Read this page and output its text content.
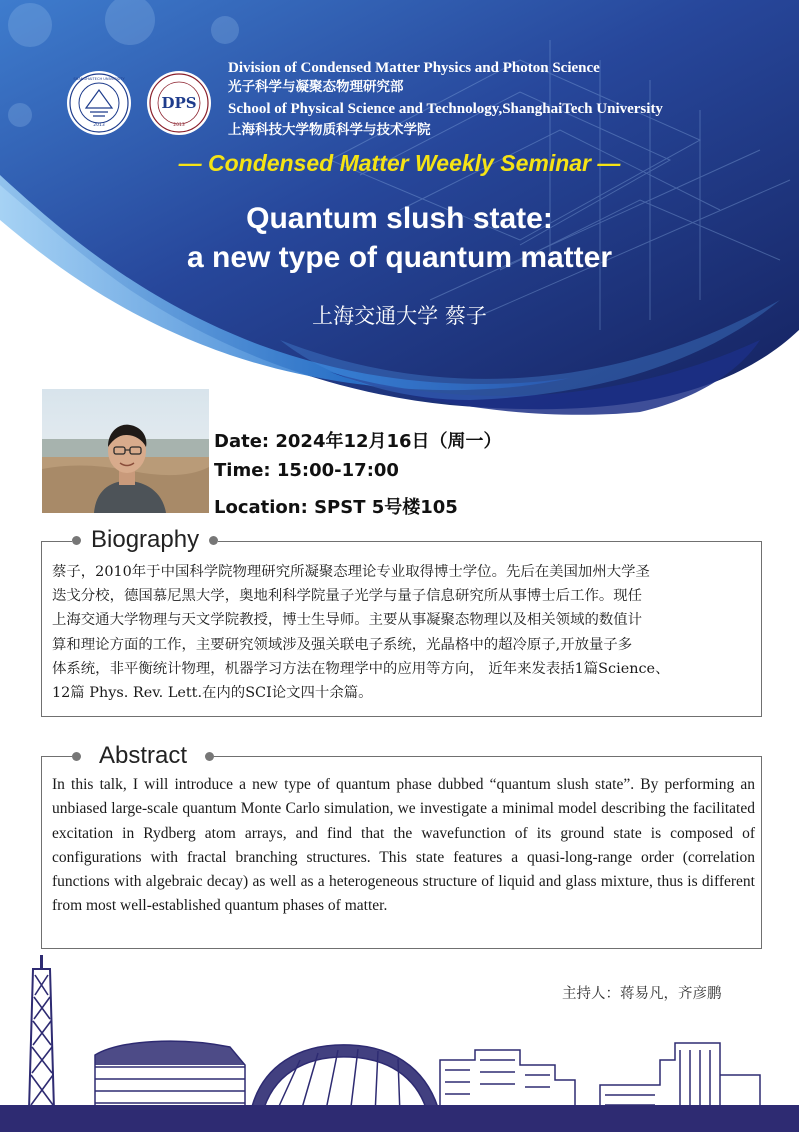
2013
SHANGHAITECH UNIVERSITY
DPS
2013
Division of Condensed Matter Physics and Photon Science
光子科学与凝聚态物理研究部
School of Physical Science and Technology,ShanghaiTech University
上海科技大学物质科学与技术学院
— Condensed Matter Weekly Seminar —
Quantum slush state:
a new type of quantum matter
上海交通大学 蔡子
Date: 2024年12月16日（周一）
Time: 15:00-17:00
Location: SPST 5号楼105
Biography
蔡子，2010年于中国科学院物理研究所凝聚态理论专业取得博士学位。先后在美国加州大学圣
迭戈分校，德国慕尼黑大学，奥地利科学院量子光学与量子信息研究所从事博士后工作。现任
上海交通大学物理与天文学院教授，博士生导师。主要从事凝聚态物理以及相关领域的数值计
算和理论方面的工作，主要研究领域涉及强关联电子系统，光晶格中的超冷原子,开放量子多
体系统，非平衡统计物理，机器学习方法在物理学中的应用等方向， 近年来发表括1篇Science、
12篇 Phys. Rev. Lett.在内的SCI论文四十余篇。
Abstract
In this talk, I will introduce a new type of quantum phase dubbed “quantum slush state”. By performing an unbiased large-scale quantum Monte Carlo simulation, we investigate a minimal model describing the facilitated excitation in Rydberg atom arrays, and find that the wavefunction of its ground state is composed of configurations with fractal branching structures. This state features a quasi-long-range order (correlation functions with algebraic decay) as well as a heterogeneous structure of liquid and glass mixture, thus is different from most well-established quantum phases of matter.
主持人：蒋易凡，齐彦鹏
